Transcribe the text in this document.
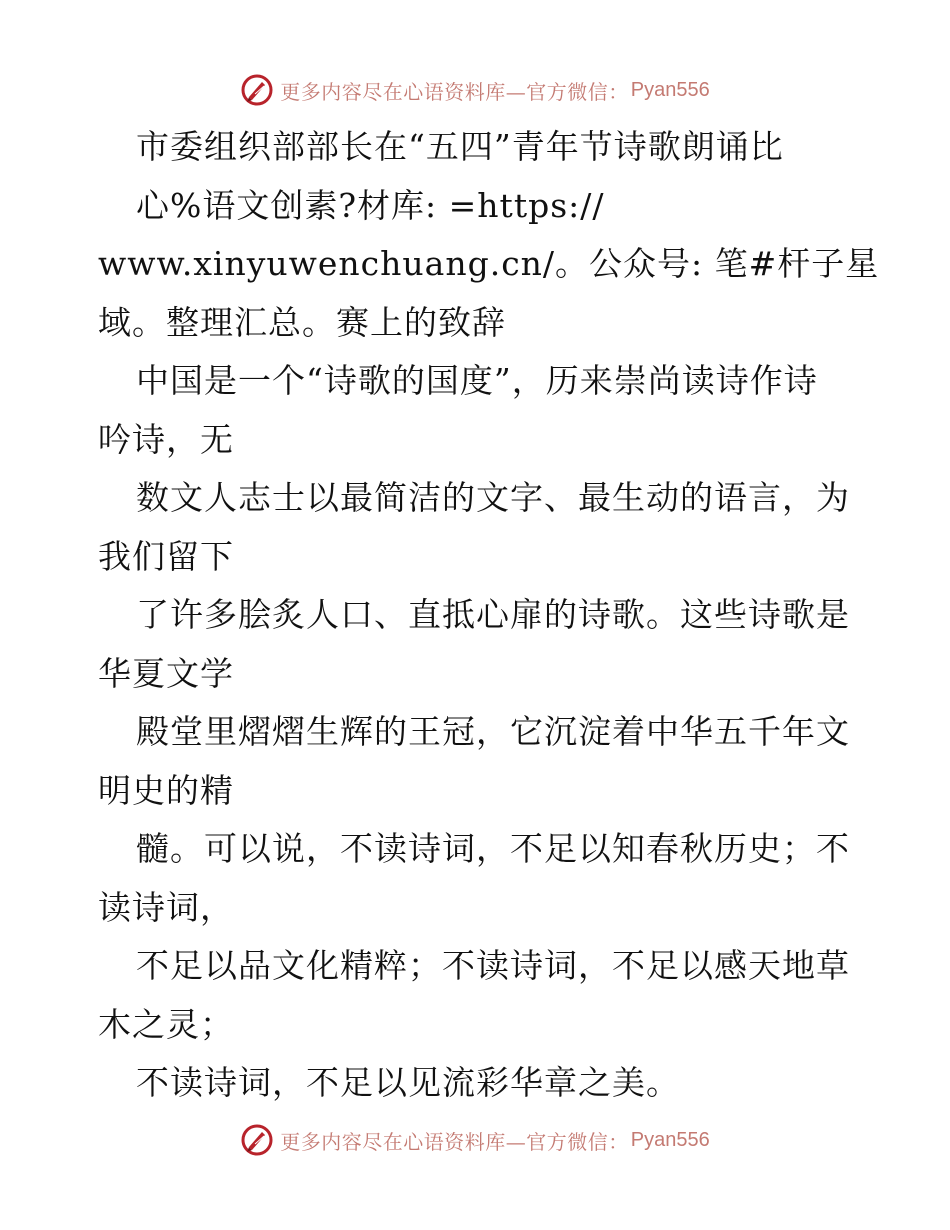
更多内容尽在心语资料库—官方微信： Pyan556
市委组织部部长在“五四”青年节诗歌朗诵比
心%语文创素?材库: =https://
www.xinyuwenchuang.cn/。公众号: 笔#杆子星
域。整理汇总。赛上的致辞
中国是一个“诗歌的国度”，历来崇尚读诗作诗
吟诗，无
数文人志士以最简洁的文字、最生动的语言，为
我们留下
了许多脍炙人口、直抵心扉的诗歌。这些诗歌是
华夏文学
殿堂里熠熠生辉的王冠，它沉淀着中华五千年文
明史的精
髓。可以说，不读诗词，不足以知春秋历史；不
读诗词，
不足以品文化精粹；不读诗词，不足以感天地草
木之灵；
不读诗词，不足以见流彩华章之美。
更多内容尽在心语资料库—官方微信： Pyan556
